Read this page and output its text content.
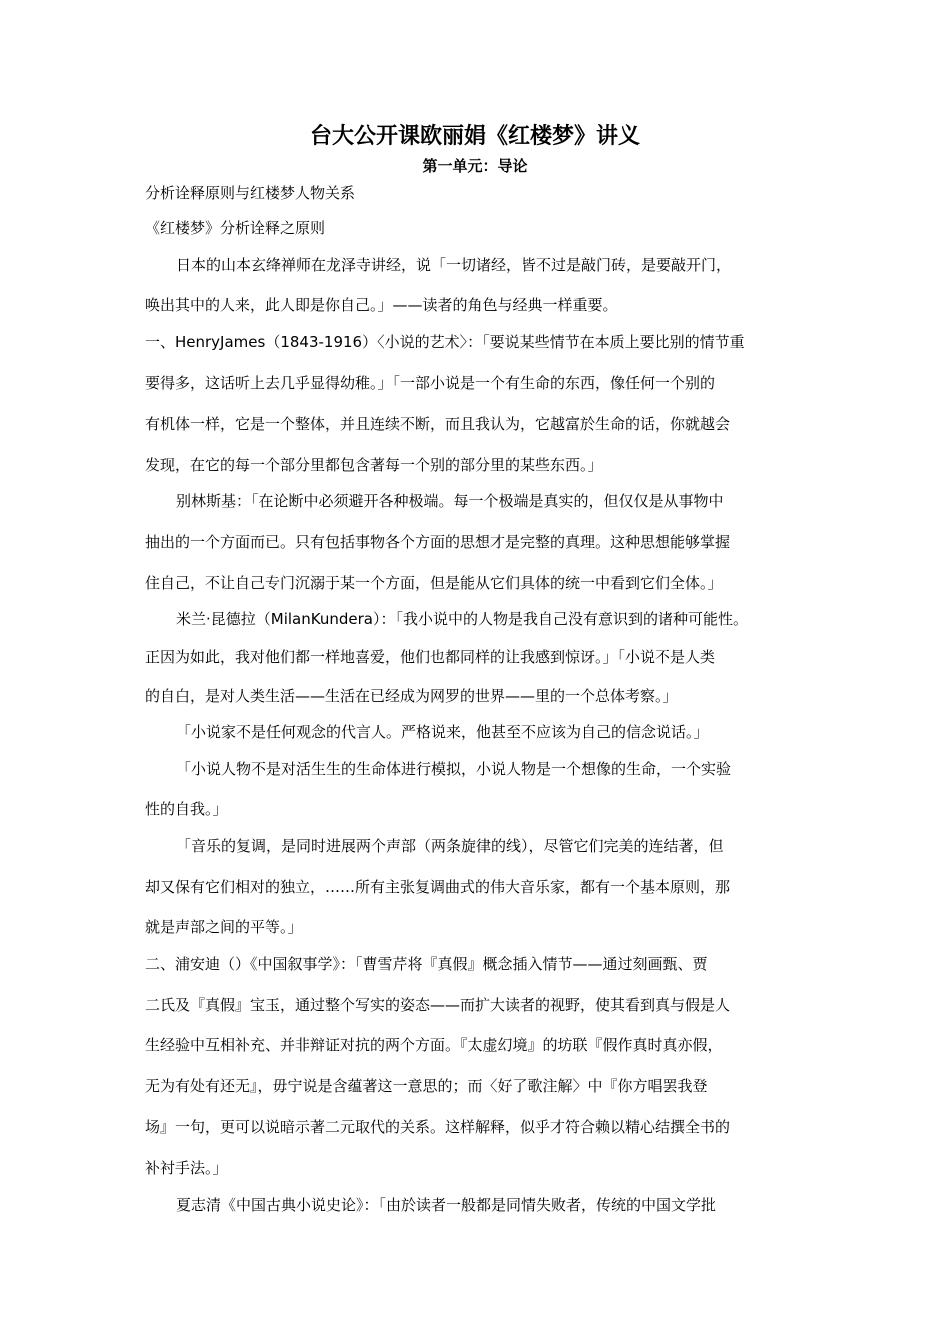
台大公开课欧丽娟《红楼梦》讲义
第一单元：导论
分析诠释原则与红楼梦人物关系
《红楼梦》分析诠释之原则
日本的山本玄绛禅师在龙泽寺讲经，说「一切诸经，皆不过是敲门砖，是要敲开门，
唤出其中的人来，此人即是你自己。」——读者的角色与经典一样重要。
一、HenryJames（1843-1916）〈小说的艺术〉：「要说某些情节在本质上要比别的情节重
要得多，这话听上去几乎显得幼稚。」「一部小说是一个有生命的东西，像任何一个别的
有机体一样，它是一个整体，并且连续不断，而且我认为，它越富於生命的话，你就越会
发现，在它的每一个部分里都包含著每一个别的部分里的某些东西。」
别林斯基：「在论断中必须避开各种极端。每一个极端是真实的，但仅仅是从事物中
抽出的一个方面而已。只有包括事物各个方面的思想才是完整的真理。这种思想能够掌握
住自己，不让自己专门沉溺于某一个方面，但是能从它们具体的统一中看到它们全体。」
米兰·昆德拉（MilanKundera）：「我小说中的人物是我自己没有意识到的诸种可能性。
正因为如此，我对他们都一样地喜爱，他们也都同样的让我感到惊讶。」「小说不是人类
的自白，是对人类生活——生活在已经成为网罗的世界——里的一个总体考察。」
「小说家不是任何观念的代言人。严格说来，他甚至不应该为自己的信念说话。」
「小说人物不是对活生生的生命体进行模拟，小说人物是一个想像的生命，一个实验
性的自我。」
「音乐的复调，是同时进展两个声部（两条旋律的线），尽管它们完美的连结著，但
却又保有它们相对的独立，……所有主张复调曲式的伟大音乐家，都有一个基本原则，那
就是声部之间的平等。」
二、浦安迪（）《中国叙事学》：「曹雪芹将『真假』概念插入情节——通过刻画甄、贾
二氏及『真假』宝玉，通过整个写实的姿态——而扩大读者的视野，使其看到真与假是人
生经验中互相补充、并非辩证对抗的两个方面。『太虚幻境』的坊联『假作真时真亦假，
无为有处有还无』，毋宁说是含蕴著这一意思的；而〈好了歌注解〉中『你方唱罢我登
场』一句，更可以说暗示著二元取代的关系。这样解释，似乎才符合赖以精心结撰全书的
补衬手法。」
夏志清《中国古典小说史论》：「由於读者一般都是同情失败者，传统的中国文学批
